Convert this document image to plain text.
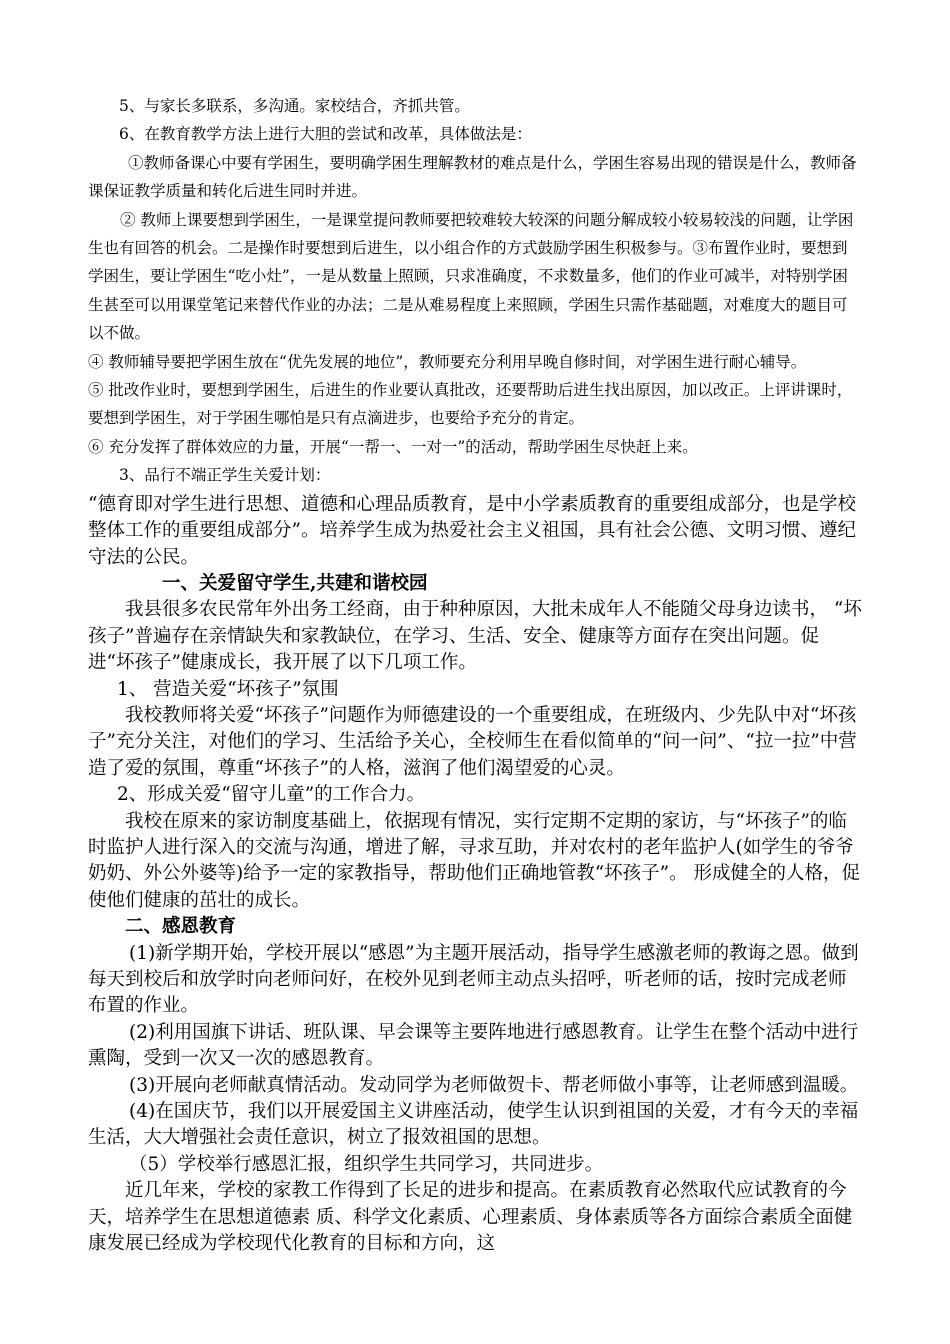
5、与家长多联系，多沟通。家校结合，齐抓共管。

6、在教育教学方法上进行大胆的尝试和改革，具体做法是：

①教师备课心中要有学困生，要明确学困生理解教材的难点是什么，学困生容易出现的错误是什么，教师备课保证教学质量和转化后进生同时并进。

② 教师上课要想到学困生，一是课堂提问教师要把较难较大较深的问题分解成较小较易较浅的问题，让学困生也有回答的机会。二是操作时要想到后进生，以小组合作的方式鼓励学困生积极参与。③布置作业时，要想到学困生，要让学困生“吃小灶”，一是从数量上照顾，只求准确度，不求数量多，他们的作业可减半，对特别学困生甚至可以用课堂笔记来替代作业的办法；二是从难易程度上来照顾，学困生只需作基础题，对难度大的题目可以不做。

④ 教师辅导要把学困生放在“优先发展的地位”，教师要充分利用早晚自修时间，对学困生进行耐心辅导。

⑤ 批改作业时，要想到学困生，后进生的作业要认真批改，还要帮助后进生找出原因，加以改正。上评讲课时，要想到学困生，对于学困生哪怕是只有点滴进步，也要给予充分的肯定。

⑥ 充分发挥了群体效应的力量，开展“一帮一、一对一”的活动，帮助学困生尽快赶上来。

3、品行不端正学生关爱计划：

“德育即对学生进行思想、道德和心理品质教育，是中小学素质教育的重要组成部分，也是学校整体工作的重要组成部分”。培养学生成为热爱社会主义祖国，具有社会公德、文明习惯、遵纪守法的公民。

一、关爱留守学生,共建和谐校园

我县很多农民常年外出务工经商，由于种种原因，大批未成年人不能随父母身边读书， “坏孩子”普遍存在亲情缺失和家教缺位，在学习、生活、安全、健康等方面存在突出问题。促进“坏孩子”健康成长，我开展了以下几项工作。

1、 营造关爱“坏孩子”氛围

我校教师将关爱“坏孩子”问题作为师德建设的一个重要组成，在班级内、少先队中对“坏孩子”充分关注，对他们的学习、生活给予关心，全校师生在看似简单的“问一问”、“拉一拉”中营造了爱的氛围，尊重“坏孩子”的人格，滋润了他们渴望爱的心灵。

2、形成关爱“留守儿童”的工作合力。

我校在原来的家访制度基础上，依据现有情况，实行定期不定期的家访，与“坏孩子”的临时监护人进行深入的交流与沟通，增进了解，寻求互助，并对农村的老年监护人(如学生的爷爷奶奶、外公外婆等)给予一定的家教指导，帮助他们正确地管教“坏孩子”。 形成健全的人格，促使他们健康的茁壮的成长。

二、感恩教育

(1)新学期开始，学校开展以“感恩”为主题开展活动，指导学生感激老师的教诲之恩。做到每天到校后和放学时向老师问好，在校外见到老师主动点头招呼，听老师的话，按时完成老师布置的作业。

(2)利用国旗下讲话、班队课、早会课等主要阵地进行感恩教育。让学生在整个活动中进行熏陶，受到一次又一次的感恩教育。

(3)开展向老师献真情活动。发动同学为老师做贺卡、帮老师做小事等，让老师感到温暖。

(4)在国庆节，我们以开展爱国主义讲座活动，使学生认识到祖国的关爱，才有今天的幸福生活，大大增强社会责任意识，树立了报效祖国的思想。

（5）学校举行感恩汇报，组织学生共同学习，共同进步。

近几年来，学校的家教工作得到了长足的进步和提高。在素质教育必然取代应试教育的今天，培养学生在思想道德素 质、科学文化素质、心理素质、身体素质等各方面综合素质全面健 康发展已经成为学校现代化教育的目标和方向，这
